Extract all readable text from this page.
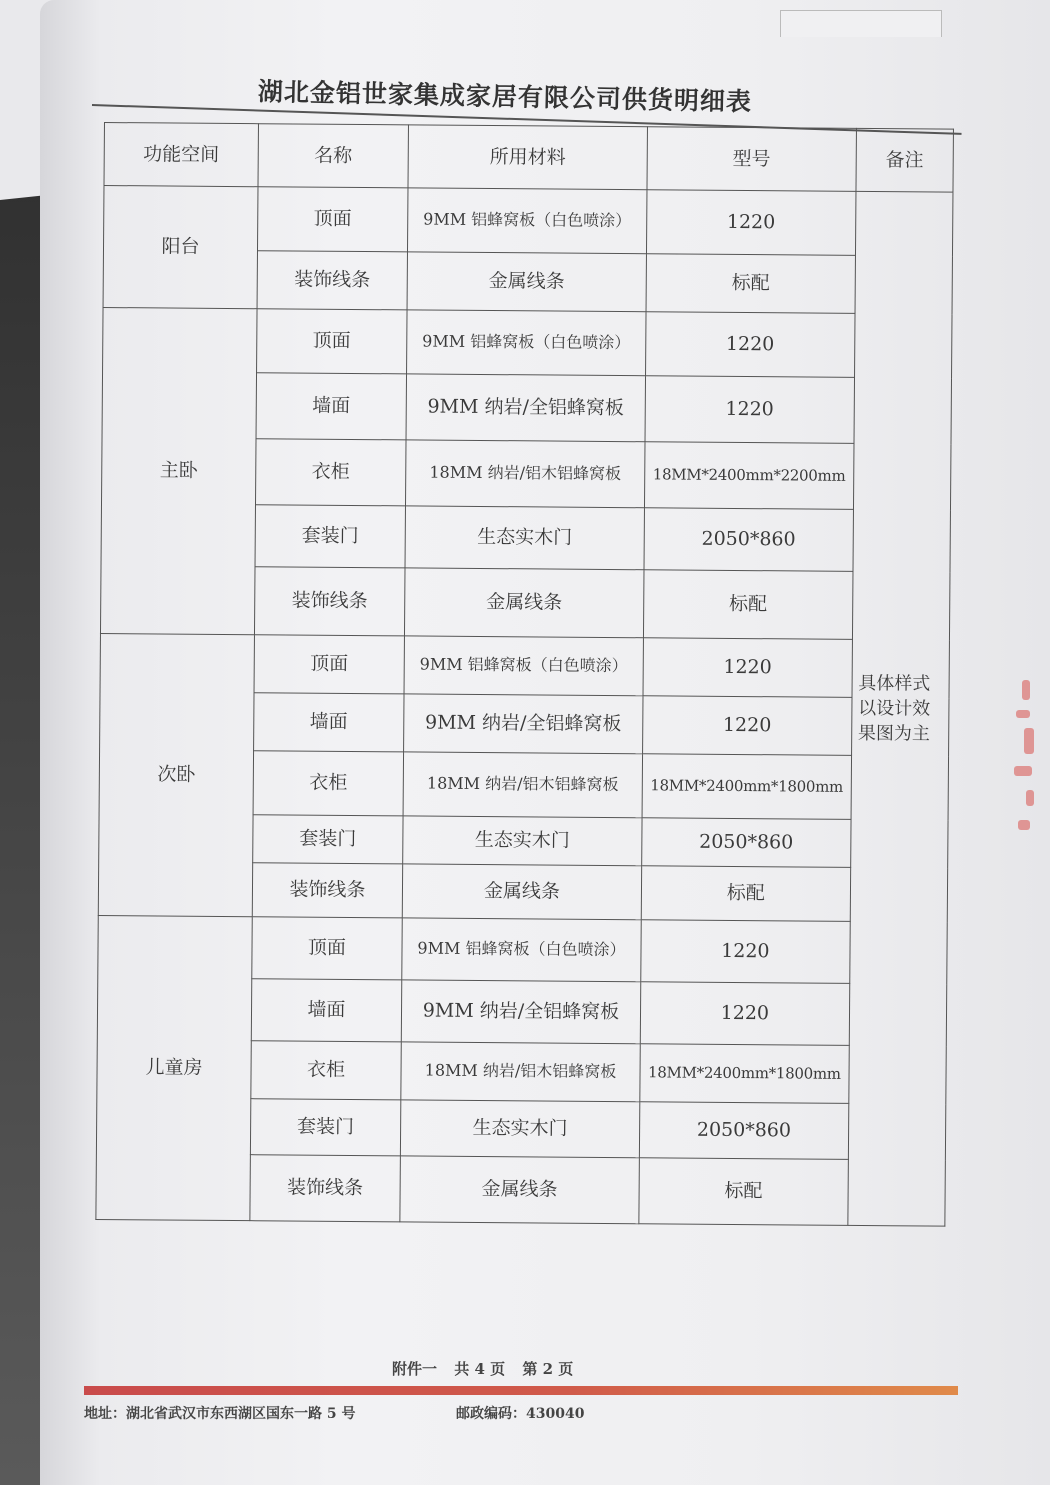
湖北金铝世家集成家居有限公司供货明细表
功能空间	名称	所用材料	型号	备注
阳台	顶面	9MM 铝蜂窝板（白色喷涂）	1220	具体样式以设计效果图为主
	装饰线条	金属线条	标配	
主卧	顶面	9MM 铝蜂窝板（白色喷涂）	1220	
	墙面	9MM 纳岩/全铝蜂窝板	1220	
	衣柜	18MM 纳岩/铝木铝蜂窝板	18MM*2400mm*2200mm	
	套装门	生态实木门	2050*860	
	装饰线条	金属线条	标配	
次卧	顶面	9MM 铝蜂窝板（白色喷涂）	1220	
	墙面	9MM 纳岩/全铝蜂窝板	1220	
	衣柜	18MM 纳岩/铝木铝蜂窝板	18MM*2400mm*1800mm	
	套装门	生态实木门	2050*860	
	装饰线条	金属线条	标配	
儿童房	顶面	9MM 铝蜂窝板（白色喷涂）	1220	
	墙面	9MM 纳岩/全铝蜂窝板	1220	
	衣柜	18MM 纳岩/铝木铝蜂窝板	18MM*2400mm*1800mm	
	套装门	生态实木门	2050*860	
	装饰线条	金属线条	标配	
附件一 共 4 页 第 2 页
地址：湖北省武汉市东西湖区国东一路 5 号	邮政编码：430040
